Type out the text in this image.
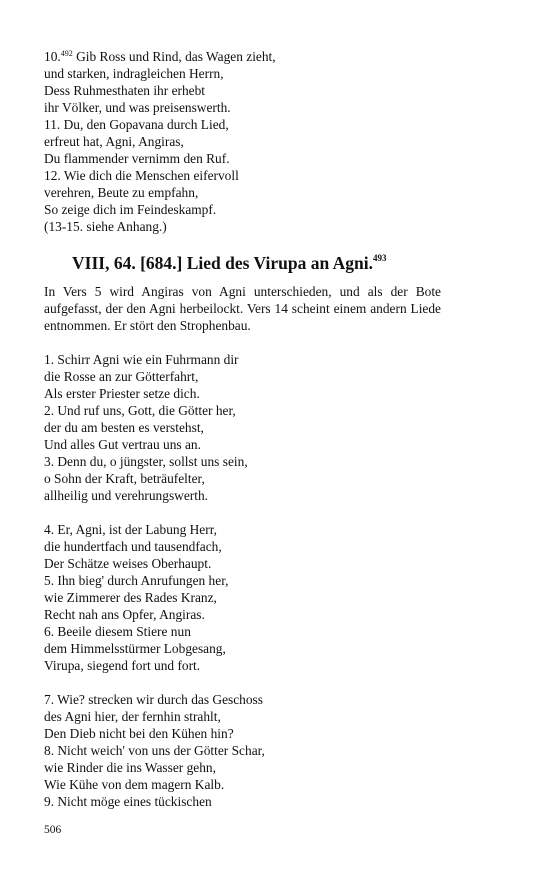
10.$^{492}$ Gib Ross und Rind, das Wagen zieht,
und starken, indragleichen Herrn,
Dess Ruhmesthaten ihr erhebt
ihr Völker, und was preisenswerth.
11. Du, den Gopavana durch Lied,
erfreut hat, Agni, Angiras,
Du flammender vernimm den Ruf.
12. Wie dich die Menschen eifervoll
verehren, Beute zu empfahn,
So zeige dich im Feindeskampf.
(13-15. siehe Anhang.)
VIII, 64. [684.] Lied des Virupa an Agni.$^{493}$
In Vers 5 wird Angiras von Agni unterschieden, und als der Bote aufgefasst, der den Agni herbeilockt. Vers 14 scheint einem andern Liede entnommen. Er stört den Strophenbau.
1. Schirr Agni wie ein Fuhrmann dir
die Rosse an zur Götterfahrt,
Als erster Priester setze dich.
2. Und ruf uns, Gott, die Götter her,
der du am besten es verstehst,
Und alles Gut vertrau uns an.
3. Denn du, o jüngster, sollst uns sein,
o Sohn der Kraft, beträufelter,
allheilig und verehrungswerth.
4. Er, Agni, ist der Labung Herr,
die hundertfach und tausendfach,
Der Schätze weises Oberhaupt.
5. Ihn bieg' durch Anrufungen her,
wie Zimmerer des Rades Kranz,
Recht nah ans Opfer, Angiras.
6. Beeile diesem Stiere nun
dem Himmelsstürmer Lobgesang,
Virupa, siegend fort und fort.
7. Wie? strecken wir durch das Geschoss
des Agni hier, der fernhin strahlt,
Den Dieb nicht bei den Kühen hin?
8. Nicht weich' von uns der Götter Schar,
wie Rinder die ins Wasser gehn,
Wie Kühe von dem magern Kalb.
9. Nicht möge eines tückischen
506
